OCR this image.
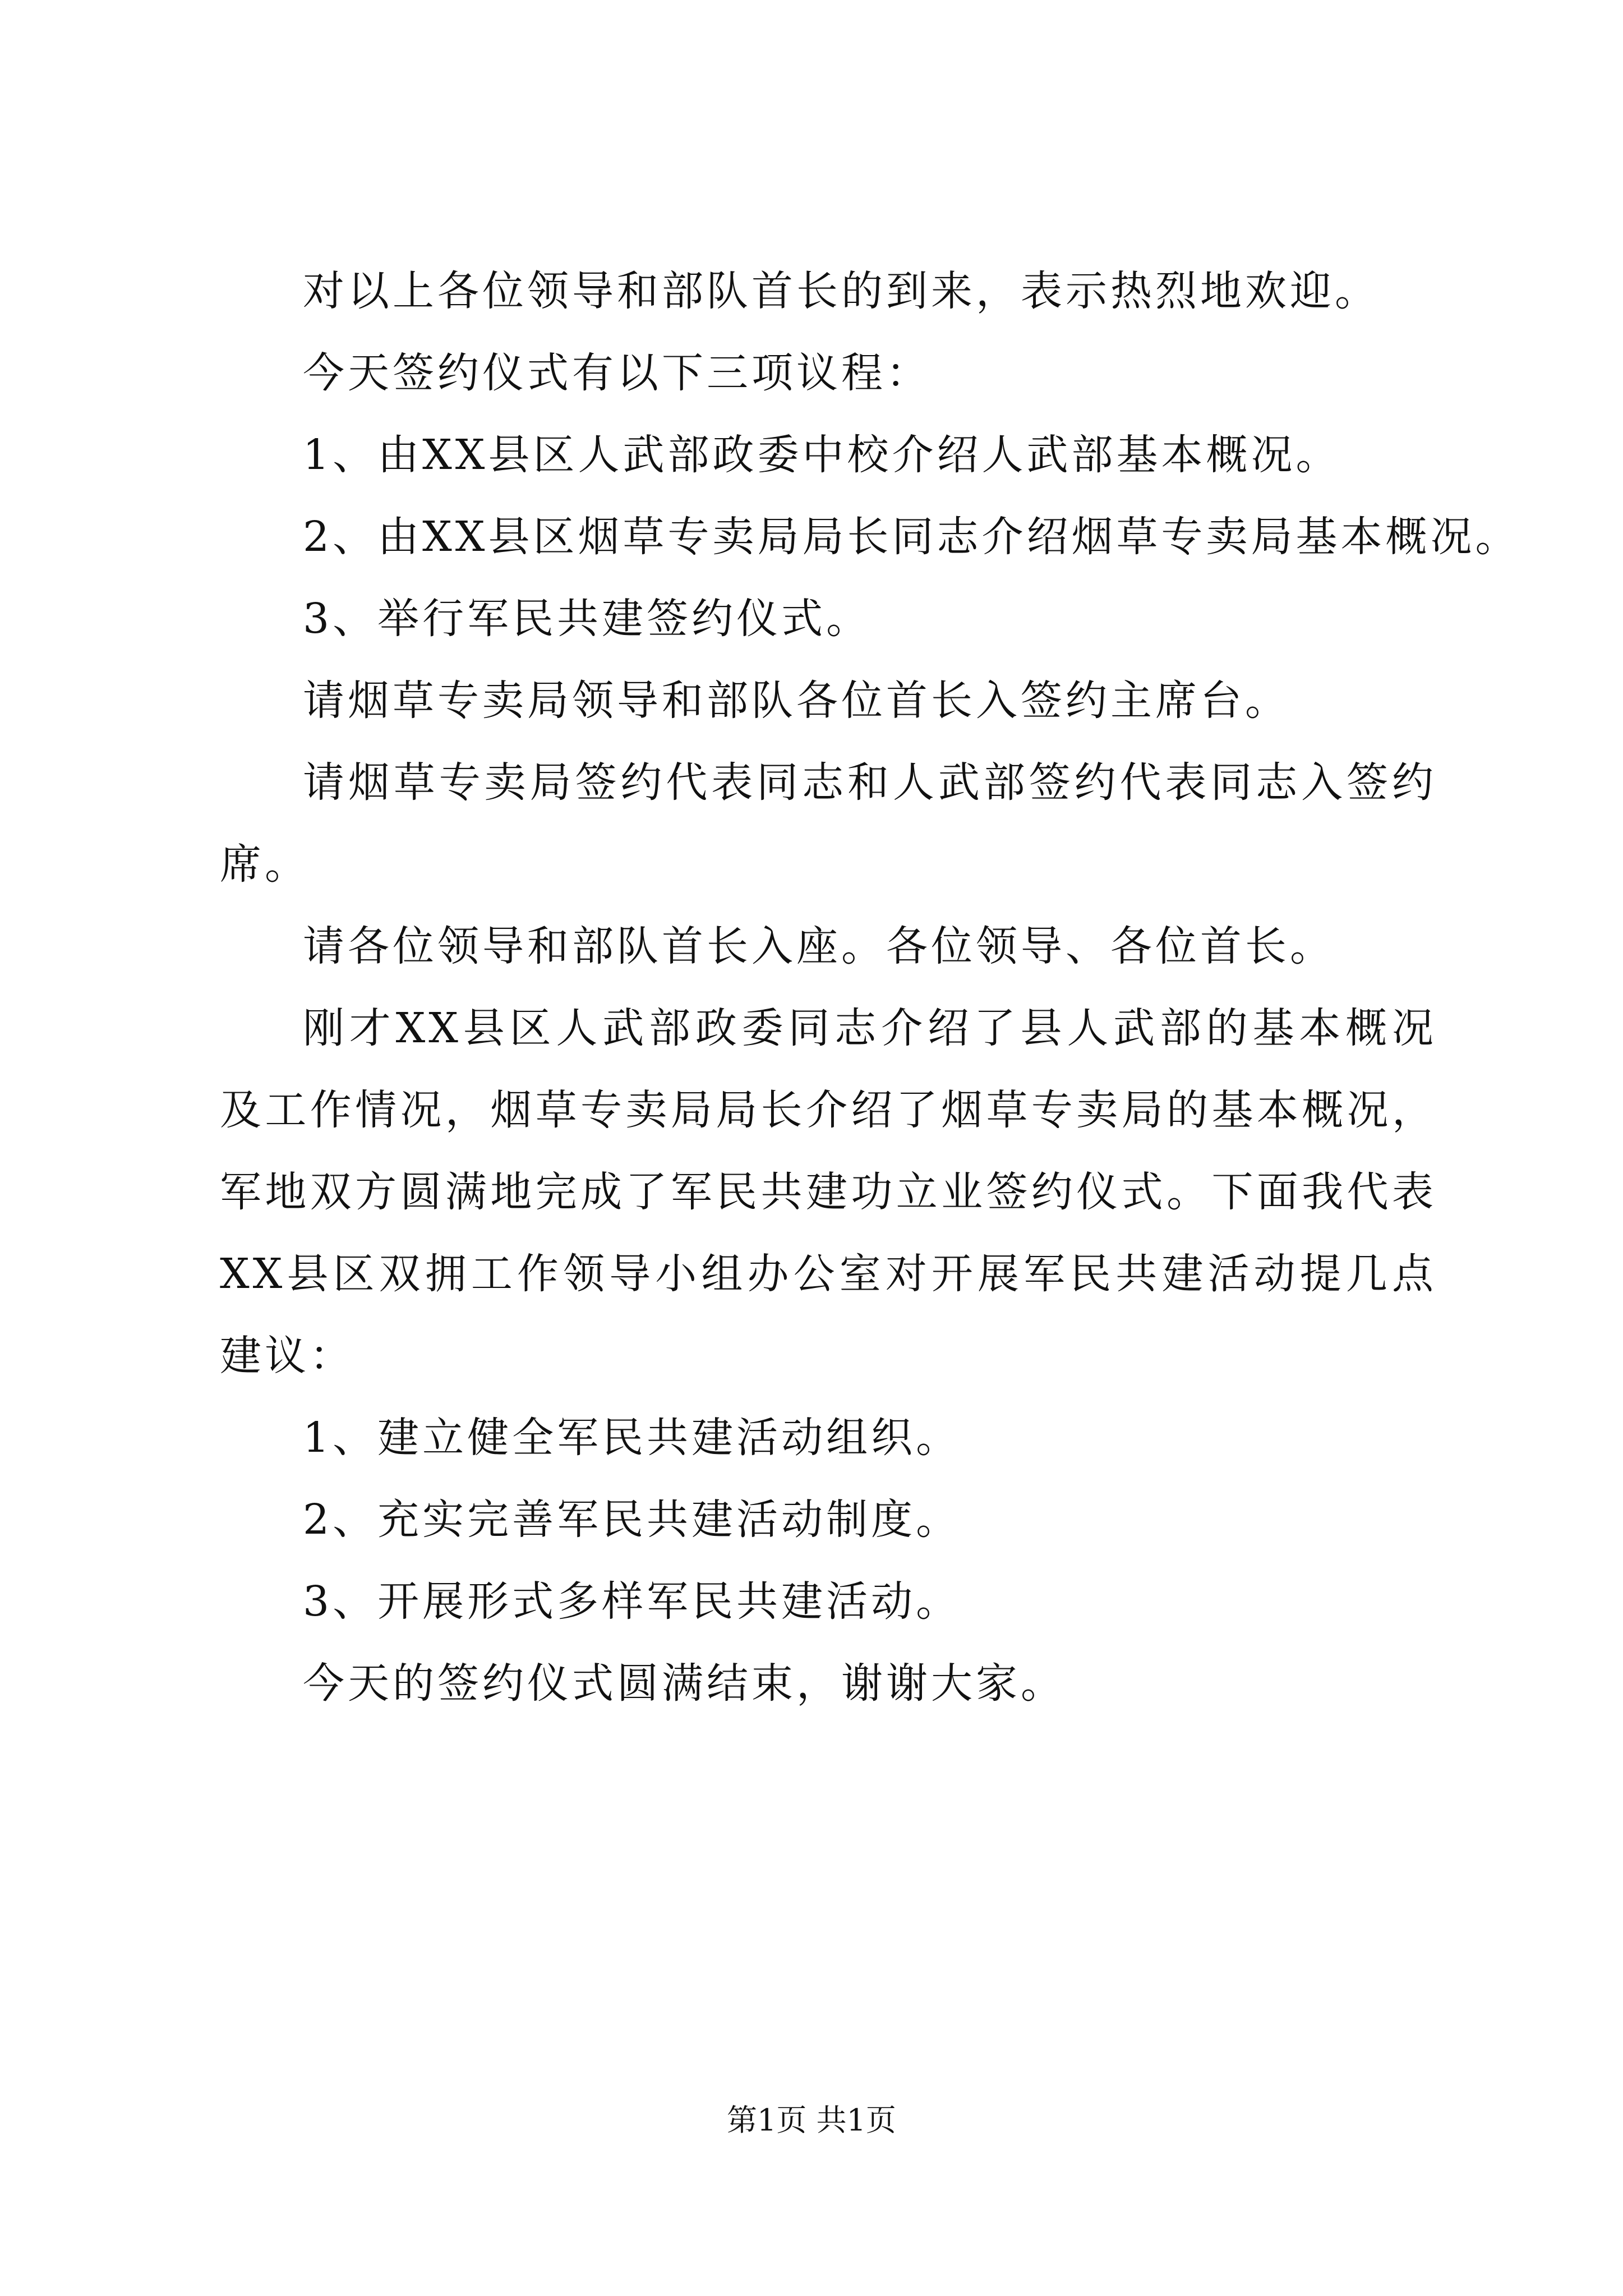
对以上各位领导和部队首长的到来，表示热烈地欢迎。

今天签约仪式有以下三项议程：

1、由XX县区人武部政委中校介绍人武部基本概况。

2、由XX县区烟草专卖局局长同志介绍烟草专卖局基本概况。

3、举行军民共建签约仪式。

请烟草专卖局领导和部队各位首长入签约主席台。

请烟草专卖局签约代表同志和人武部签约代表同志入签约席。

请各位领导和部队首长入座。各位领导、各位首长。

刚才XX县区人武部政委同志介绍了县人武部的基本概况及工作情况，烟草专卖局局长介绍了烟草专卖局的基本概况，军地双方圆满地完成了军民共建功立业签约仪式。下面我代表XX县区双拥工作领导小组办公室对开展军民共建活动提几点建议：

1、建立健全军民共建活动组织。

2、充实完善军民共建活动制度。

3、开展形式多样军民共建活动。

今天的签约仪式圆满结束，谢谢大家。

第1页 共1页
